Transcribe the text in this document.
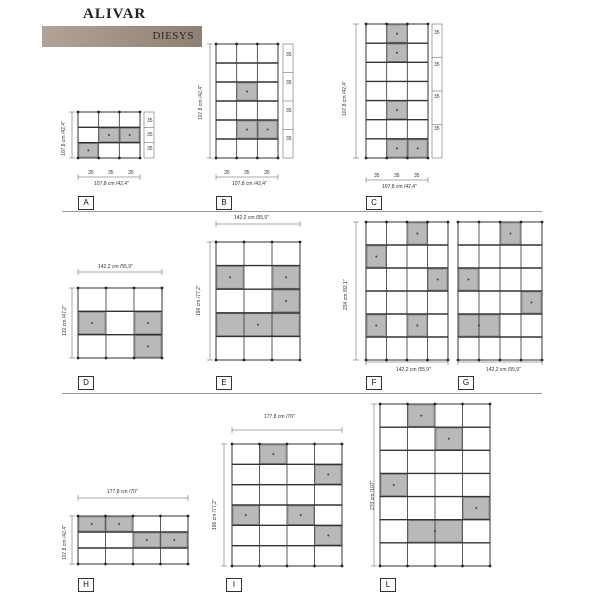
ALIVAR
DIESYS
A	B	C
D	E	F	G
H	I	L
107,8 cm /42,4"	107,8 cm /42,4"	107,8 cm /42,4"
142,2 cm /55,9"
142,2 cm /55,9"
142,2 cm /55,9"	142,2 cm /55,9"
177,8 cm /70"
177,8 cm /70"
35	35	35	35	35	35	35	35	35
35
35
35
35
35
35
35
35
35
35
35
107,8 cm /42,4"
107,8 cm /42,4"	107,8 cm /42,4"
120 cm /47,2"
196 cm /77,2"	234 cm /92,1"
107,8 cm /42,4"
196 cm /77,2"
270 cm /107"
